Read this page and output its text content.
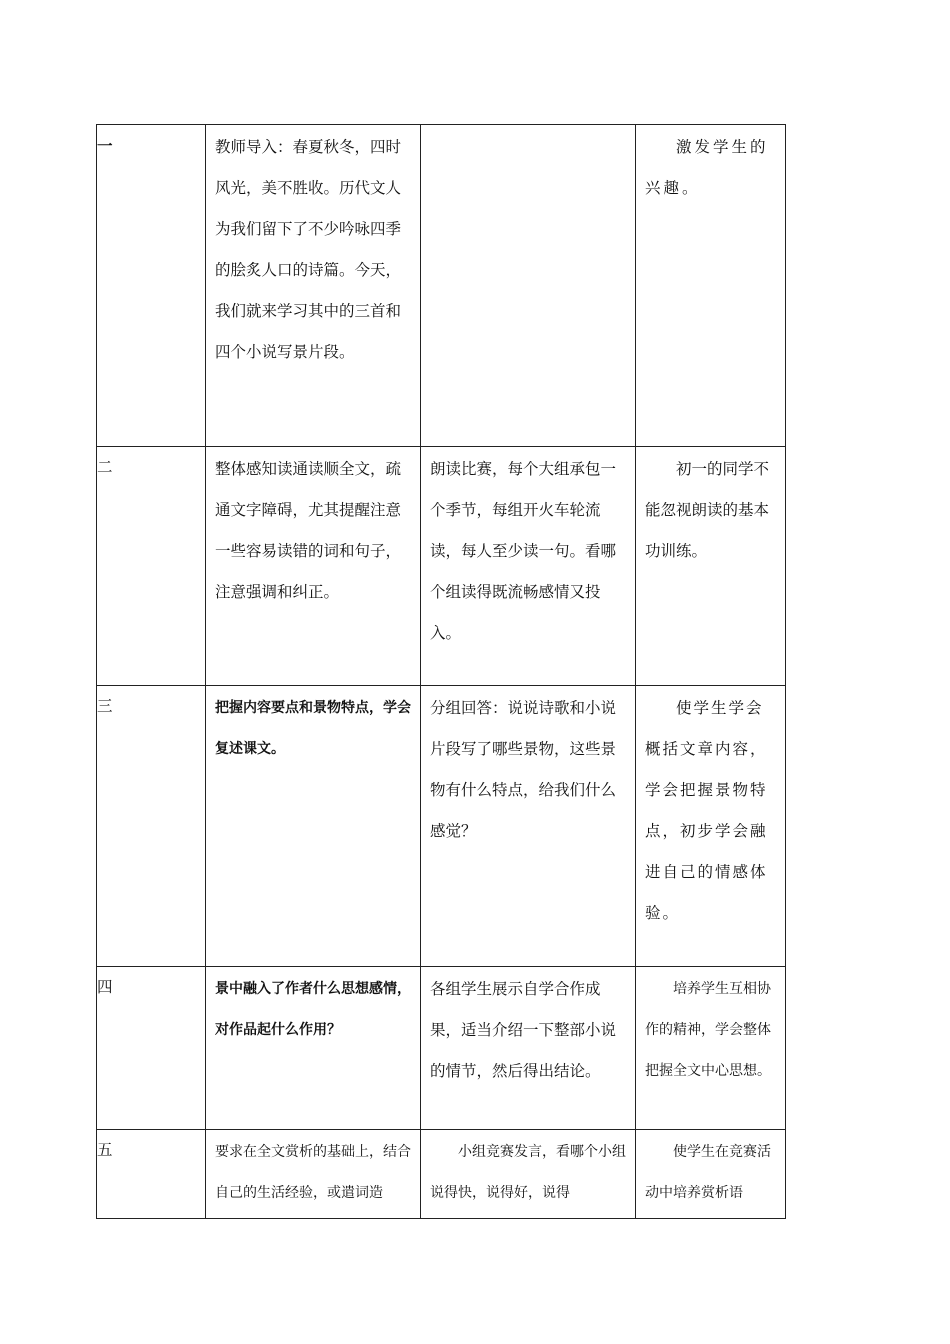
一	教师导入：春夏秋冬，四时风光，美不胜收。历代文人为我们留下了不少吟咏四季的脍炙人口的诗篇。今天，我们就来学习其中的三首和四个小说写景片段。		激发学生的兴趣。

二	整体感知读通读顺全文，疏通文字障碍，尤其提醒注意一些容易读错的词和句子，注意强调和纠正。	朗读比赛，每个大组承包一个季节，每组开火车轮流读，每人至少读一句。看哪个组读得既流畅感情又投入。	初一的同学不能忽视朗读的基本功训练。

三	把握内容要点和景物特点，学会复述课文。	分组回答：说说诗歌和小说片段写了哪些景物，这些景物有什么特点，给我们什么感觉？	使学生学会概括文章内容，学会把握景物特点，初步学会融进自己的情感体验。

四	景中融入了作者什么思想感情，对作品起什么作用？	各组学生展示自学合作成果，适当介绍一下整部小说的情节，然后得出结论。	培养学生互相协作的精神，学会整体把握全文中心思想。

五	要求在全文赏析的基础上，结合自己的生活经验，或遣词造	小组竞赛发言，看哪个小组说得快，说得好，说得	使学生在竞赛活动中培养赏析语
